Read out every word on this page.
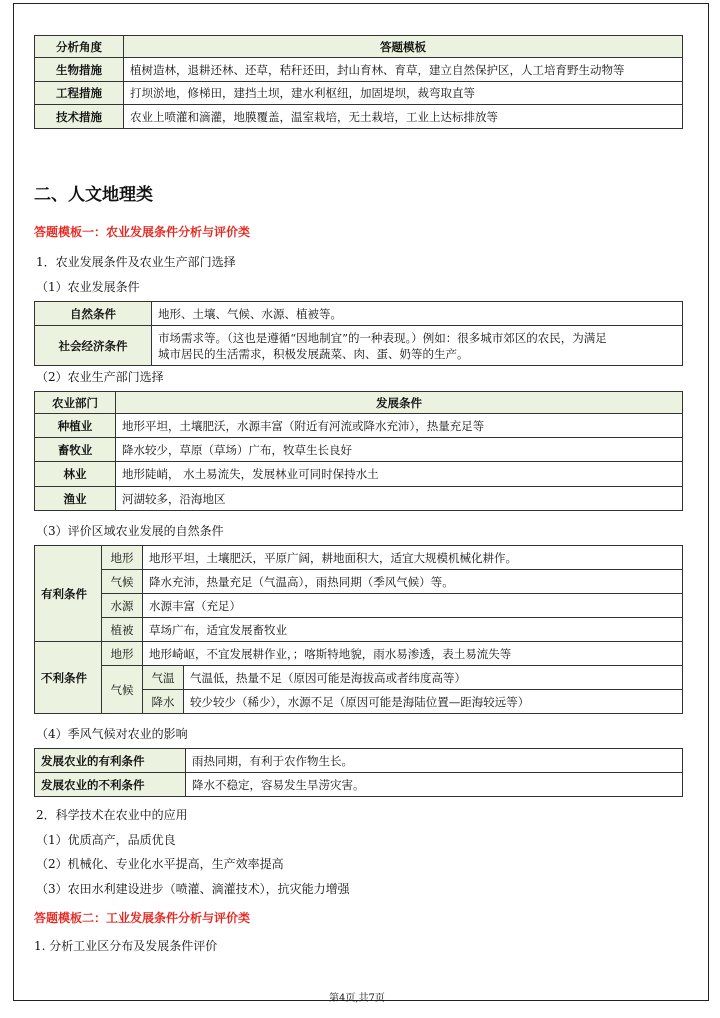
分析角度	答题模板
生物措施	植树造林，退耕还林、还草，秸秆还田，封山育林、育草，建立自然保护区，人工培育野生动物等
工程措施	打坝淤地，修梯田，建挡土坝，建水利枢纽，加固堤坝，裁弯取直等
技术措施	农业上喷灌和滴灌，地膜覆盖，温室栽培，无土栽培，工业上达标排放等
二、人文地理类
答题模板一：农业发展条件分析与评价类
1．农业发展条件及农业生产部门选择
（1）农业发展条件
自然条件	地形、土壤、气候、水源、植被等。
社会经济条件	市场需求等。（这也是遵循“因地制宜”的一种表现。）例如：很多城市郊区的农民，为满足
城市居民的生活需求，积极发展蔬菜、肉、蛋、奶等的生产。
（2）农业生产部门选择
农业部门	发展条件
种植业	地形平坦，土壤肥沃，水源丰富（附近有河流或降水充沛），热量充足等
畜牧业	降水较少，草原（草场）广布，牧草生长良好
林业	地形陡峭， 水土易流失，发展林业可同时保持水土
渔业	河湖较多，沿海地区
（3）评价区域农业发展的自然条件
有利条件	地形	地形平坦，土壤肥沃，平原广阔，耕地面积大，适宜大规模机械化耕作。	
	气候	降水充沛，热量充足（气温高），雨热同期（季风气候）等。	
	水源	水源丰富（充足）	
	植被	草场广布，适宜发展畜牧业	
不利条件	地形	地形崎岖，不宜发展耕作业，；喀斯特地貌，雨水易渗透，表土易流失等	
	气候	气温	气温低，热量不足（原因可能是海拔高或者纬度高等）
		降水	较少较少（稀少），水源不足（原因可能是海陆位置—距海较远等）
（4）季风气候对农业的影响
发展农业的有利条件	雨热同期，有利于农作物生长。
发展农业的不利条件	降水不稳定，容易发生旱涝灾害。
2．科学技术在农业中的应用
（1）优质高产，品质优良
（2）机械化、专业化水平提高，生产效率提高
（3）农田水利建设进步（喷灌、滴灌技术），抗灾能力增强
答题模板二：工业发展条件分析与评价类
1. 分析工业区分布及发展条件评价
第4页,共7页
